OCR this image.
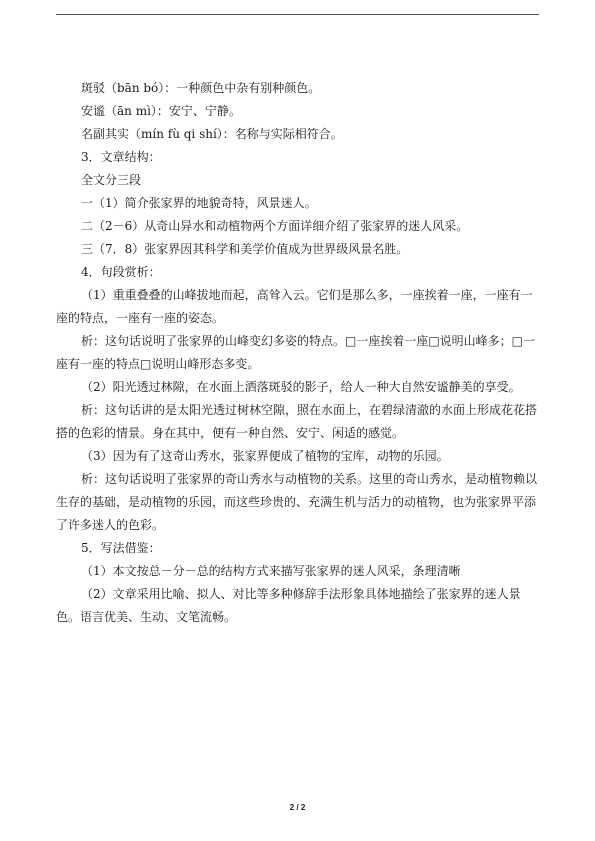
斑驳（bān bó）：一种颜色中杂有别种颜色。
安谧（ān mì）：安宁、宁静。
名副其实（mín fù qi shí）：名称与实际相符合。
3．文章结构：
全文分三段
一（1）简介张家界的地貌奇特，风景迷人。
二（2－6）从奇山异水和动植物两个方面详细介绍了张家界的迷人风采。
三（7．8）张家界因其科学和美学价值成为世界级风景名胜。
4．句段赏析：
（1）重重叠叠的山峰拔地而起，高耸入云。它们是那么多，一座挨着一座，一座有一座的特点，一座有一座的姿态。
析：这句话说明了张家界的山峰变幻多姿的特点。□一座挨着一座□说明山峰多；□一座有一座的特点□说明山峰形态多变。
（2）阳光透过林隙，在水面上洒落斑驳的影子，给人一种大自然安谧静美的享受。
析：这句话讲的是太阳光透过树林空隙，照在水面上，在碧绿清澈的水面上形成花花搭搭的色彩的情景。身在其中，便有一种自然、安宁、闲适的感觉。
（3）因为有了这奇山秀水，张家界便成了植物的宝库，动物的乐园。
析：这句话说明了张家界的奇山秀水与动植物的关系。这里的奇山秀水，是动植物赖以生存的基础，是动植物的乐园，而这些珍贵的、充满生机与活力的动植物，也为张家界平添了许多迷人的色彩。
5．写法借鉴：
（1）本文按总－分－总的结构方式来描写张家界的迷人风采，条理清晰
（2）文章采用比喻、拟人、对比等多种修辞手法形象具体地描绘了张家界的迷人景色。语言优美、生动、文笔流畅。
2 / 2
